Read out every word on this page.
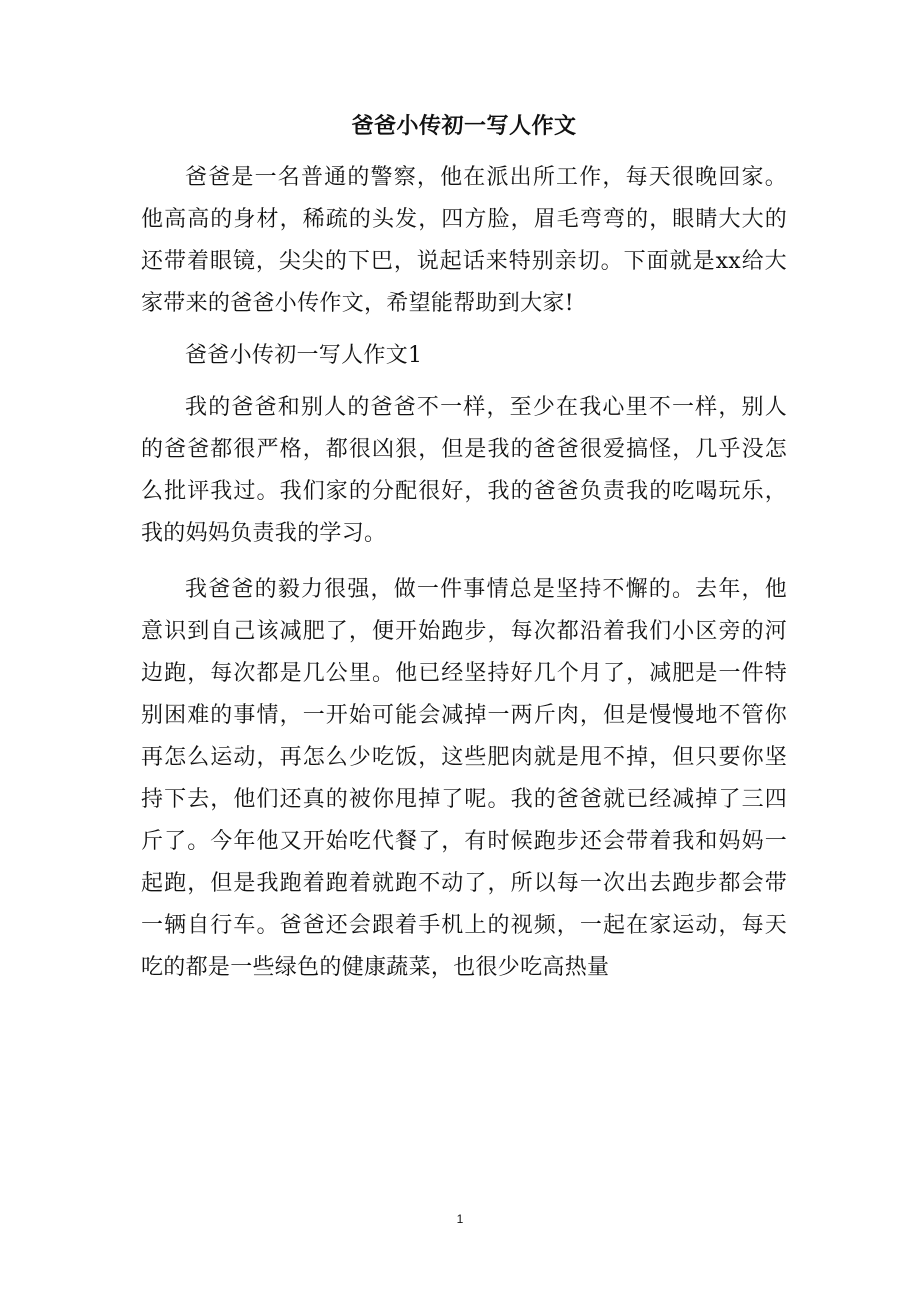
爸爸小传初一写人作文

爸爸是一名普通的警察，他在派出所工作，每天很晚回家。他高高的身材，稀疏的头发，四方脸，眉毛弯弯的，眼睛大大的还带着眼镜，尖尖的下巴，说起话来特别亲切。下面就是xx给大家带来的爸爸小传作文，希望能帮助到大家!

爸爸小传初一写人作文1

我的爸爸和别人的爸爸不一样，至少在我心里不一样，别人的爸爸都很严格，都很凶狠，但是我的爸爸很爱搞怪，几乎没怎么批评我过。我们家的分配很好，我的爸爸负责我的吃喝玩乐，我的妈妈负责我的学习。

我爸爸的毅力很强，做一件事情总是坚持不懈的。去年，他意识到自己该减肥了，便开始跑步，每次都沿着我们小区旁的河边跑，每次都是几公里。他已经坚持好几个月了，减肥是一件特别困难的事情，一开始可能会减掉一两斤肉，但是慢慢地不管你再怎么运动，再怎么少吃饭，这些肥肉就是甩不掉，但只要你坚持下去，他们还真的被你甩掉了呢。我的爸爸就已经减掉了三四斤了。今年他又开始吃代餐了，有时候跑步还会带着我和妈妈一起跑，但是我跑着跑着就跑不动了，所以每一次出去跑步都会带一辆自行车。爸爸还会跟着手机上的视频，一起在家运动，每天吃的都是一些绿色的健康蔬菜，也很少吃高热量

1
